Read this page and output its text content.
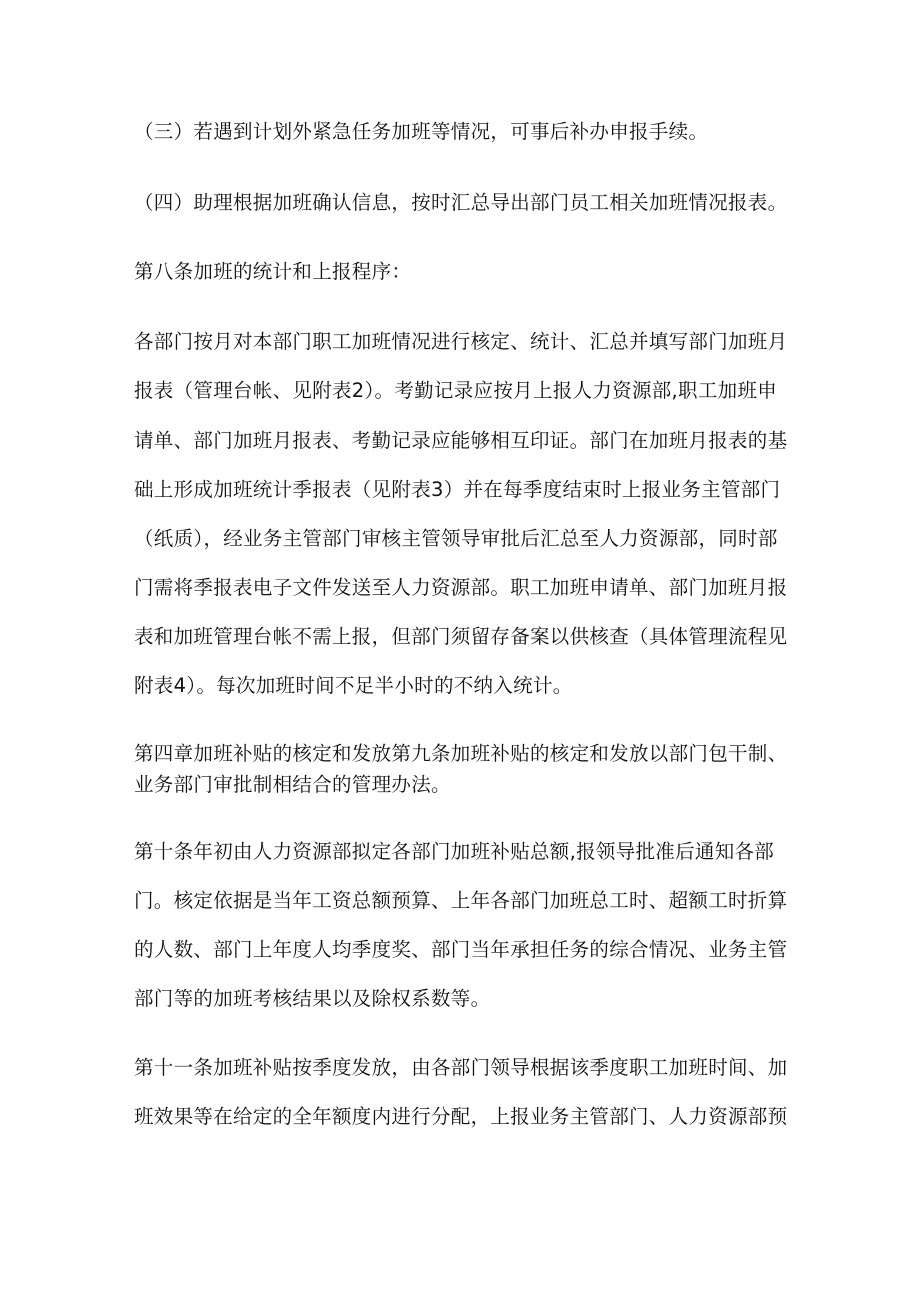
（三）若遇到计划外紧急任务加班等情况，可事后补办申报手续。
（四）助理根据加班确认信息，按时汇总导出部门员工相关加班情况报表。
第八条加班的统计和上报程序：
各部门按月对本部门职工加班情况进行核定、统计、汇总并填写部门加班月
报表（管理台帐、见附表2）。考勤记录应按月上报人力资源部,职工加班申
请单、部门加班月报表、考勤记录应能够相互印证。部门在加班月报表的基
础上形成加班统计季报表（见附表3）并在每季度结束时上报业务主管部门
（纸质），经业务主管部门审核主管领导审批后汇总至人力资源部，同时部
门需将季报表电子文件发送至人力资源部。职工加班申请单、部门加班月报
表和加班管理台帐不需上报，但部门须留存备案以供核查（具体管理流程见
附表4）。每次加班时间不足半小时的不纳入统计。
第四章加班补贴的核定和发放第九条加班补贴的核定和发放以部门包干制、
业务部门审批制相结合的管理办法。
第十条年初由人力资源部拟定各部门加班补贴总额,报领导批准后通知各部
门。核定依据是当年工资总额预算、上年各部门加班总工时、超额工时折算
的人数、部门上年度人均季度奖、部门当年承担任务的综合情况、业务主管
部门等的加班考核结果以及除权系数等。
第十一条加班补贴按季度发放，由各部门领导根据该季度职工加班时间、加
班效果等在给定的全年额度内进行分配，上报业务主管部门、人力资源部预
